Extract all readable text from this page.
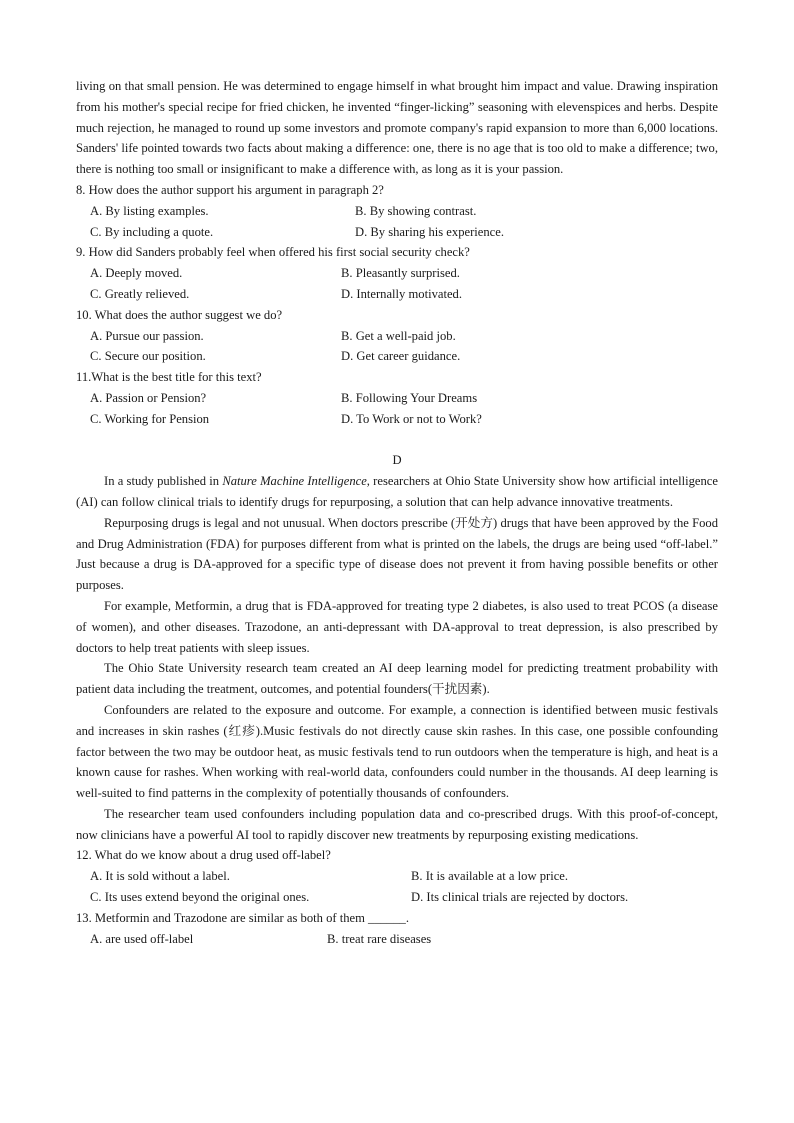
living on that small pension. He was determined to engage himself in what brought him impact and value. Drawing inspiration from his mother's special recipe for fried chicken, he invented “finger-licking” seasoning with elevenspices and herbs. Despite much rejection, he managed to round up some investors and promote company's rapid expansion to more than 6,000 locations. Sanders' life pointed towards two facts about making a difference: one, there is no age that is too old to make a difference; two, there is nothing too small or insignificant to make a difference with, as long as it is your passion.

8. How does the author support his argument in paragraph 2?

A. By listing examples.	B. By showing contrast.
C. By including a quote.	D. By sharing his experience.

9. How did Sanders probably feel when offered his first social security check?

A. Deeply moved.	B. Pleasantly surprised.
C. Greatly relieved.	D. Internally motivated.

10. What does the author suggest we do?

A. Pursue our passion.	B. Get a well-paid job.
C. Secure our position.	D. Get career guidance.

11.What is the best title for this text?

A. Passion or Pension?	B. Following Your Dreams
C. Working for Pension	D. To Work or not to Work?

D

In a study published in Nature Machine Intelligence, researchers at Ohio State University show how artificial intelligence (AI) can follow clinical trials to identify drugs for repurposing, a solution that can help advance innovative treatments.

Repurposing drugs is legal and not unusual. When doctors prescribe (开处方) drugs that have been approved by the Food and Drug Administration (FDA) for purposes different from what is printed on the labels, the drugs are being used “off-label.” Just because a drug is DA-approved for a specific type of disease does not prevent it from having possible benefits or other purposes.

For example, Metformin, a drug that is FDA-approved for treating type 2 diabetes, is also used to treat PCOS (a disease of women), and other diseases. Trazodone, an anti-depressant with DA-approval to treat depression, is also prescribed by doctors to help treat patients with sleep issues.

The Ohio State University research team created an AI deep learning model for predicting treatment probability with patient data including the treatment, outcomes, and potential founders(干扰因素).

Confounders are related to the exposure and outcome. For example, a connection is identified between music festivals and increases in skin rashes (红疹).Music festivals do not directly cause skin rashes. In this case, one possible confounding factor between the two may be outdoor heat, as music festivals tend to run outdoors when the temperature is high, and heat is a known cause for rashes. When working with real-world data, confounders could number in the thousands. AI deep learning is well-suited to find patterns in the complexity of potentially thousands of confounders.

The researcher team used confounders including population data and co-prescribed drugs. With this proof-of-concept, now clinicians have a powerful AI tool to rapidly discover new treatments by repurposing existing medications.

12. What do we know about a drug used off-label?

A. It is sold without a label.	B. It is available at a low price.
C. Its uses extend beyond the original ones.	D. Its clinical trials are rejected by doctors.

13. Metformin and Trazodone are similar as both of them ______.

A. are used off-label	B. treat rare diseases
